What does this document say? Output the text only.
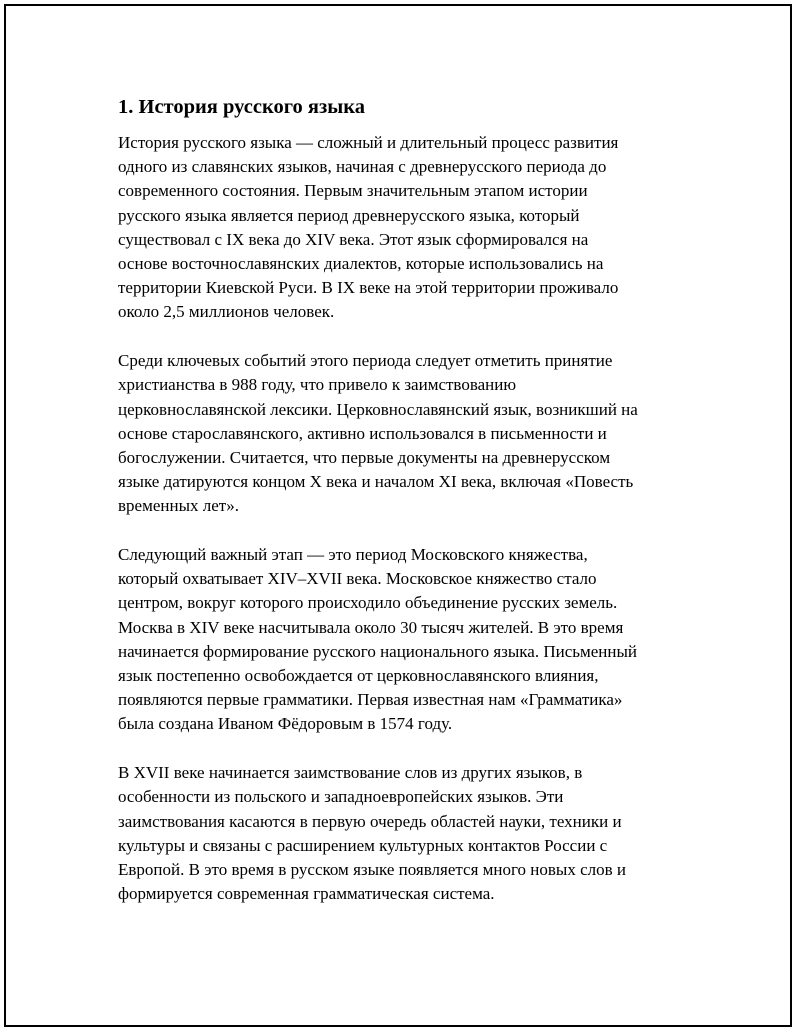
1. История русского языка

История русского языка — сложный и длительный процесс развития
одного из славянских языков, начиная с древнерусского периода до
современного состояния. Первым значительным этапом истории
русского языка является период древнерусского языка, который
существовал с IX века до XIV века. Этот язык сформировался на
основе восточнославянских диалектов, которые использовались на
территории Киевской Руси. В IX веке на этой территории проживало
около 2,5 миллионов человек.

Среди ключевых событий этого периода следует отметить принятие
христианства в 988 году, что привело к заимствованию
церковнославянской лексики. Церковнославянский язык, возникший на
основе старославянского, активно использовался в письменности и
богослужении. Считается, что первые документы на древнерусском
языке датируются концом X века и началом XI века, включая «Повесть
временных лет».

Следующий важный этап — это период Московского княжества,
который охватывает XIV–XVII века. Московское княжество стало
центром, вокруг которого происходило объединение русских земель.
Москва в XIV веке насчитывала около 30 тысяч жителей. В это время
начинается формирование русского национального языка. Письменный
язык постепенно освобождается от церковнославянского влияния,
появляются первые грамматики. Первая известная нам «Грамматика»
была создана Иваном Фёдоровым в 1574 году.

В XVII веке начинается заимствование слов из других языков, в
особенности из польского и западноевропейских языков. Эти
заимствования касаются в первую очередь областей науки, техники и
культуры и связаны с расширением культурных контактов России с
Европой. В это время в русском языке появляется много новых слов и
формируется современная грамматическая система.
